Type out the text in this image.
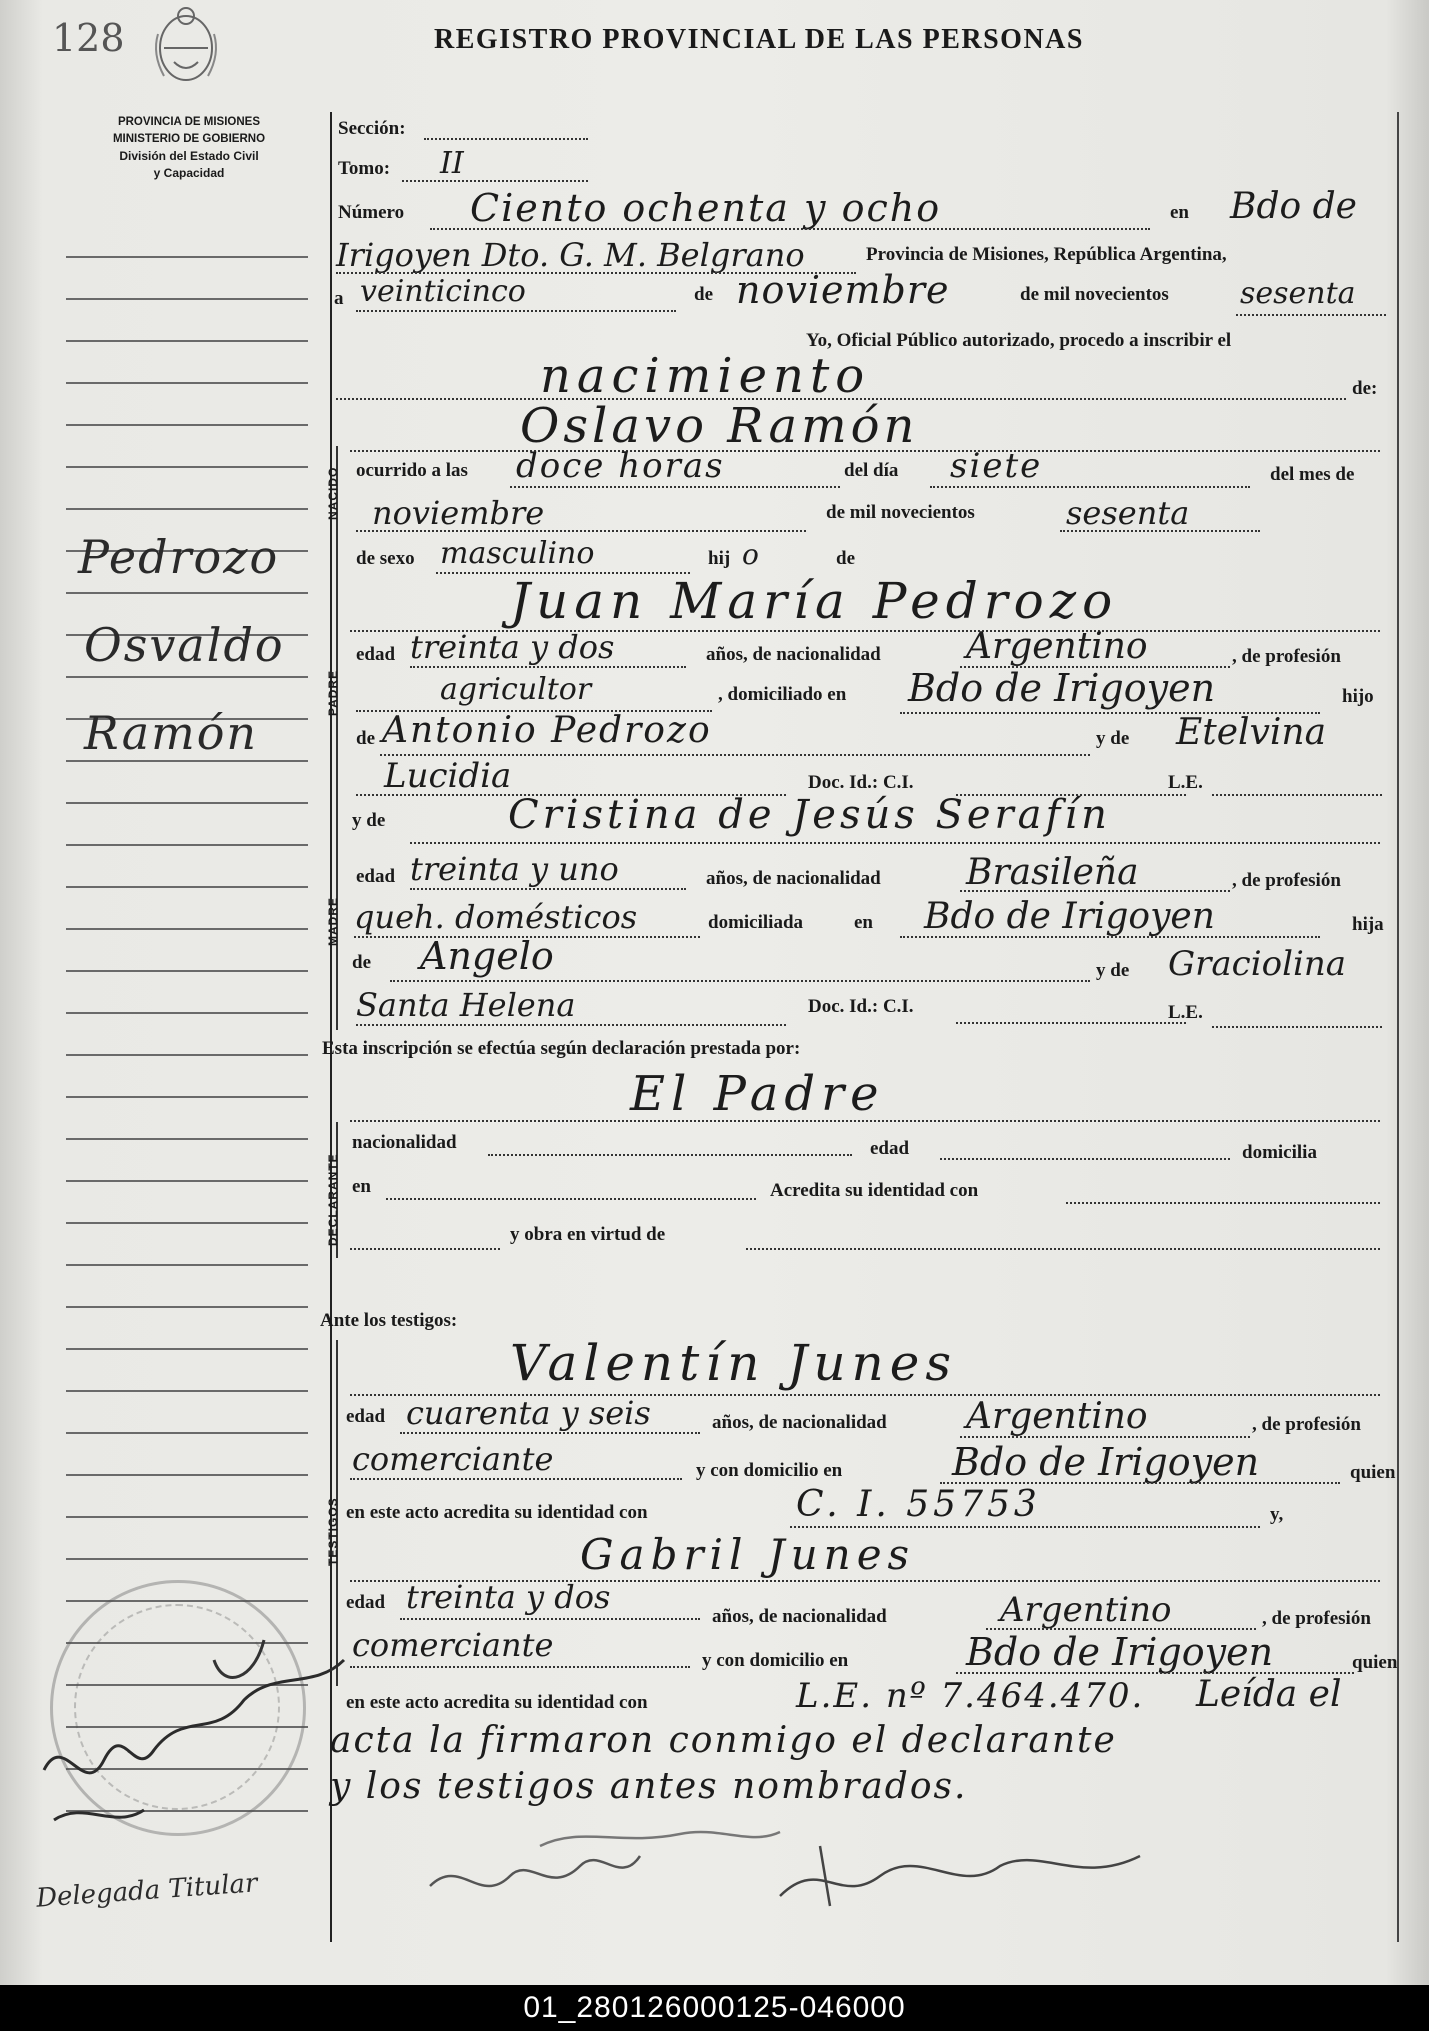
128	REGISTRO PROVINCIAL DE LAS PERSONAS
PROVINCIA DE MISIONES
MINISTERIO DE GOBIERNO
División del Estado Civil
y Capacidad
Pedrozo
Osvaldo
Ramón
Sección:
Tomo: II
Número Ciento ochenta y ocho	en Bdo de
Irigoyen Dto. G. M. Belgrano	Provincia de Misiones, República Argentina,
a veinticinco	de noviembre	de mil novecientos sesenta
Yo, Oficial Público autorizado, procedo a inscribir el
nacimiento	de:
NACIDO
Oslavo Ramón
ocurrido a las doce horas	del día siete	del mes de
noviembre	de mil novecientos	sesenta
de sexo masculino	hij o	de
PADRE
Juan María Pedrozo
edad treinta y dos	años, de nacionalidad Argentino	, de profesión
agricultor	, domiciliado en Bdo de Irigoyen	hijo
de Antonio Pedrozo	y de Etelvina
Lucidia	Doc. Id.: C.I.	L.E.
MADRE
y de	Cristina de Jesús Serafín
edad treinta y uno	años, de nacionalidad Brasileña	, de profesión
queh. domésticos	domiciliada	en Bdo de Irigoyen	hija
de Angelo	y de Graciolina
Santa Helena	Doc. Id.: C.I.	L.E.
Esta inscripción se efectúa según declaración prestada por:
El Padre
DECLARANTE
nacionalidad	edad	domicilia
en	Acredita su identidad con
y obra en virtud de
Ante los testigos:
TESTIGOS
Valentín Junes
edad cuarenta y seis	años, de nacionalidad Argentino	, de profesión
comerciante	y con domicilio en	Bdo de Irigoyen	quien
en este acto acredita su identidad con	C. I. 55753	y,
Gabril Junes
edad treinta y dos
años, de nacionalidad	Argentino	, de profesión
comerciante	y con domicilio en	Bdo de Irigoyen	quien
en este acto acredita su identidad con	L.E. nº 7.464.470. Leída el
acta la firmaron conmigo el declarante
y los testigos antes nombrados.
Delegada Titular
01_280126000125-046000
